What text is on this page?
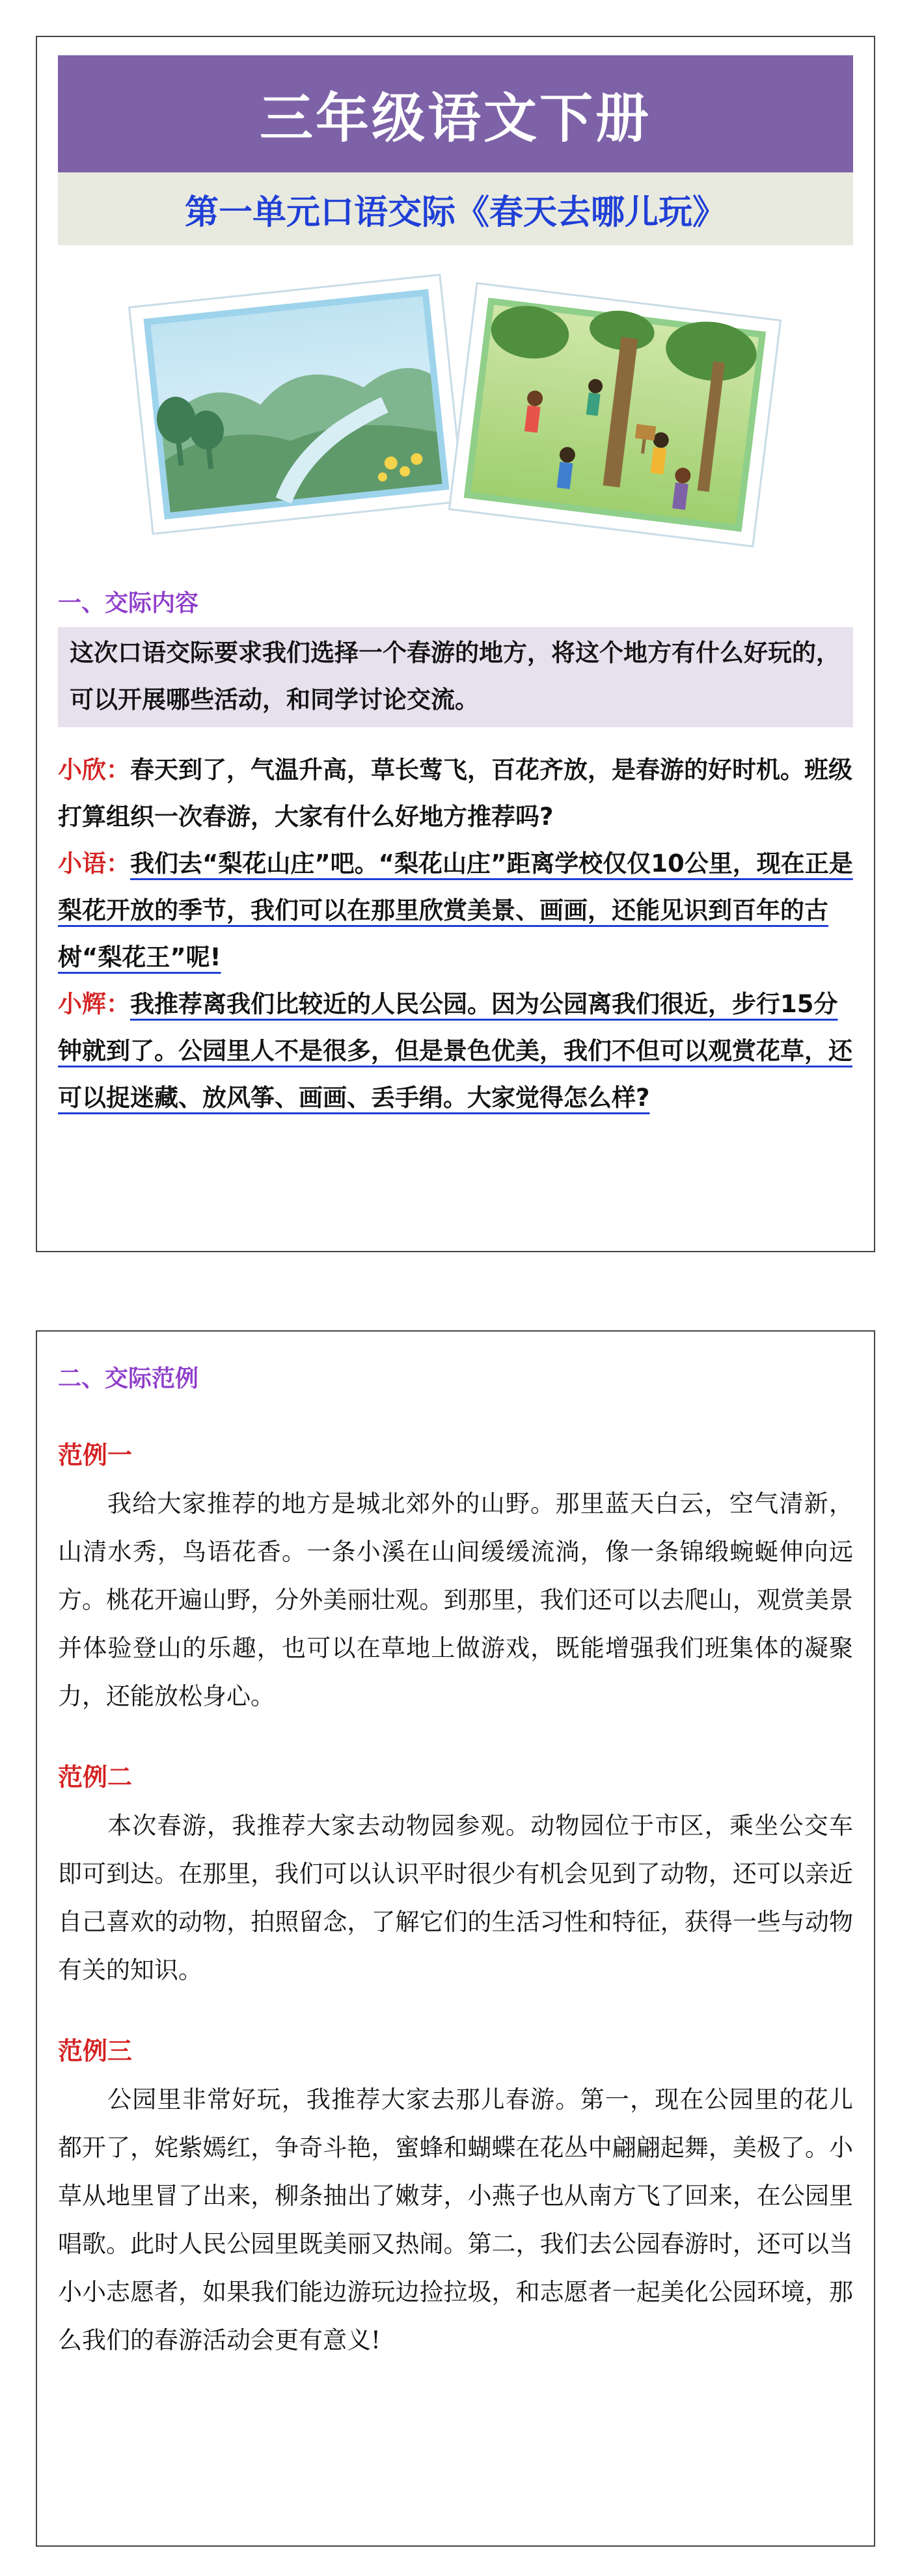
三年级语文下册
第一单元口语交际《春天去哪儿玩》
一、交际内容
这次口语交际要求我们选择一个春游的地方，将这个地方有什么好玩的，可以开展哪些活动，和同学讨论交流。
小欣：春天到了，气温升高，草长莺飞，百花齐放，是春游的好时机。班级打算组织一次春游，大家有什么好地方推荐吗?
小语：我们去“梨花山庄”吧。“梨花山庄”距离学校仅仅10公里，现在正是梨花开放的季节，我们可以在那里欣赏美景、画画，还能见识到百年的古树“梨花王”呢!
小辉：我推荐离我们比较近的人民公园。因为公园离我们很近，步行15分钟就到了。公园里人不是很多，但是景色优美，我们不但可以观赏花草，还可以捉迷藏、放风筝、画画、丢手绢。大家觉得怎么样?
二、交际范例
范例一
我给大家推荐的地方是城北郊外的山野。那里蓝天白云，空气清新，山清水秀，鸟语花香。一条小溪在山间缓缓流淌，像一条锦缎蜿蜒伸向远方。桃花开遍山野，分外美丽壮观。到那里，我们还可以去爬山，观赏美景并体验登山的乐趣，也可以在草地上做游戏，既能增强我们班集体的凝聚力，还能放松身心。
范例二
本次春游，我推荐大家去动物园参观。动物园位于市区，乘坐公交车即可到达。在那里，我们可以认识平时很少有机会见到了动物，还可以亲近自己喜欢的动物，拍照留念，了解它们的生活习性和特征，获得一些与动物有关的知识。
范例三
公园里非常好玩，我推荐大家去那儿春游。第一，现在公园里的花儿都开了，姹紫嫣红，争奇斗艳，蜜蜂和蝴蝶在花丛中翩翩起舞，美极了。小草从地里冒了出来，柳条抽出了嫩芽，小燕子也从南方飞了回来，在公园里唱歌。此时人民公园里既美丽又热闹。第二，我们去公园春游时，还可以当小小志愿者，如果我们能边游玩边捡拉圾，和志愿者一起美化公园环境，那么我们的春游活动会更有意义!
